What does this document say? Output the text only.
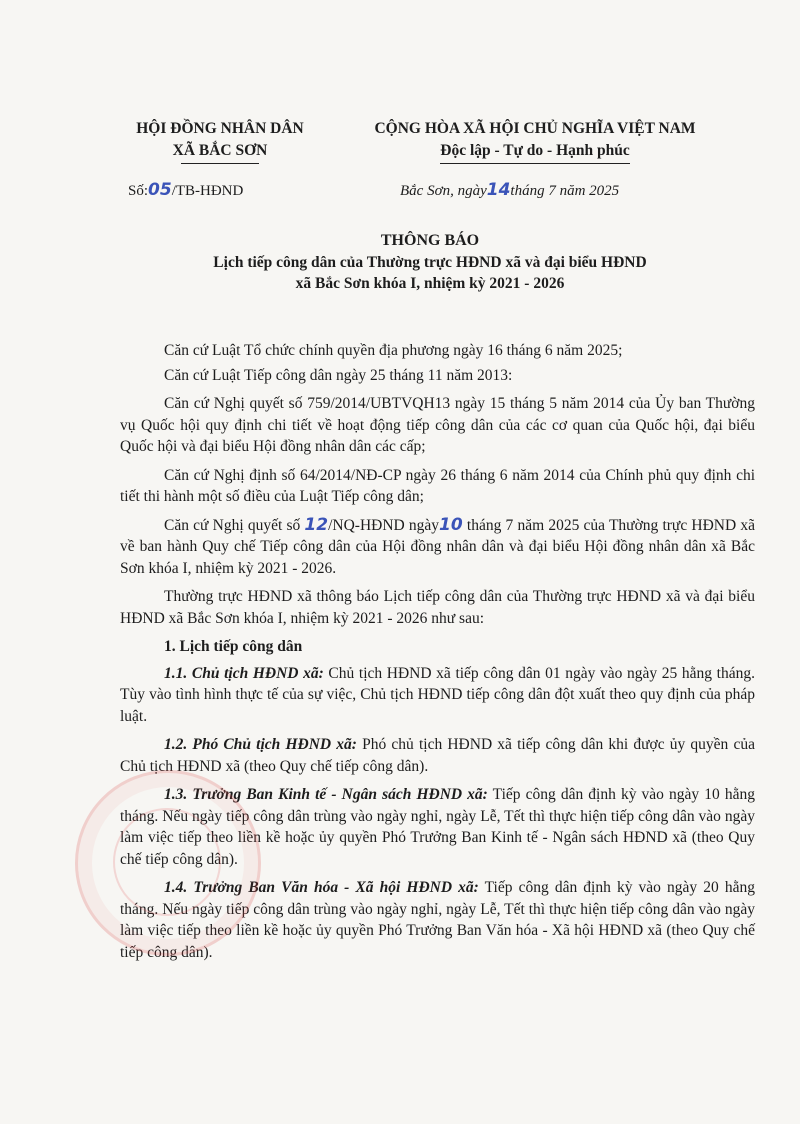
HỘI ĐỒNG NHÂN DÂN
XÃ BẮC SƠN
CỘNG HÒA XÃ HỘI CHỦ NGHĨA VIỆT NAM
Độc lập - Tự do - Hạnh phúc
Số:05/TB-HĐND	Bắc Sơn, ngày14tháng 7 năm 2025
THÔNG BÁO
Lịch tiếp công dân của Thường trực HĐND xã và đại biểu HĐND
xã Bắc Sơn khóa I, nhiệm kỳ 2021 - 2026

Căn cứ Luật Tổ chức chính quyền địa phương ngày 16 tháng 6 năm 2025;

Căn cứ Luật Tiếp công dân ngày 25 tháng 11 năm 2013:

Căn cứ Nghị quyết số 759/2014/UBTVQH13 ngày 15 tháng 5 năm 2014 của Ủy ban Thường vụ Quốc hội quy định chi tiết về hoạt động tiếp công dân của các cơ quan của Quốc hội, đại biểu Quốc hội và đại biểu Hội đồng nhân dân các cấp;

Căn cứ Nghị định số 64/2014/NĐ-CP ngày 26 tháng 6 năm 2014 của Chính phủ quy định chi tiết thi hành một số điều của Luật Tiếp công dân;

Căn cứ Nghị quyết số 12/NQ-HĐND ngày10 tháng 7 năm 2025 của Thường trực HĐND xã về ban hành Quy chế Tiếp công dân của Hội đồng nhân dân và đại biểu Hội đồng nhân dân xã Bắc Sơn khóa I, nhiệm kỳ 2021 - 2026.

Thường trực HĐND xã thông báo Lịch tiếp công dân của Thường trực HĐND xã và đại biểu HĐND xã Bắc Sơn khóa I, nhiệm kỳ 2021 - 2026 như sau:

1. Lịch tiếp công dân

1.1. Chủ tịch HĐND xã: Chủ tịch HĐND xã tiếp công dân 01 ngày vào ngày 25 hằng tháng. Tùy vào tình hình thực tế của sự việc, Chủ tịch HĐND tiếp công dân đột xuất theo quy định của pháp luật.

1.2. Phó Chủ tịch HĐND xã: Phó chủ tịch HĐND xã tiếp công dân khi được ủy quyền của Chủ tịch HĐND xã (theo Quy chế tiếp công dân).

1.3. Trưởng Ban Kinh tế - Ngân sách HĐND xã: Tiếp công dân định kỳ vào ngày 10 hằng tháng. Nếu ngày tiếp công dân trùng vào ngày nghỉ, ngày Lễ, Tết thì thực hiện tiếp công dân vào ngày làm việc tiếp theo liền kề hoặc ủy quyền Phó Trưởng Ban Kinh tế - Ngân sách HĐND xã (theo Quy chế tiếp công dân).

1.4. Trưởng Ban Văn hóa - Xã hội HĐND xã: Tiếp công dân định kỳ vào ngày 20 hằng tháng. Nếu ngày tiếp công dân trùng vào ngày nghỉ, ngày Lễ, Tết thì thực hiện tiếp công dân vào ngày làm việc tiếp theo liền kề hoặc ủy quyền Phó Trưởng Ban Văn hóa - Xã hội HĐND xã (theo Quy chế tiếp công dân).
